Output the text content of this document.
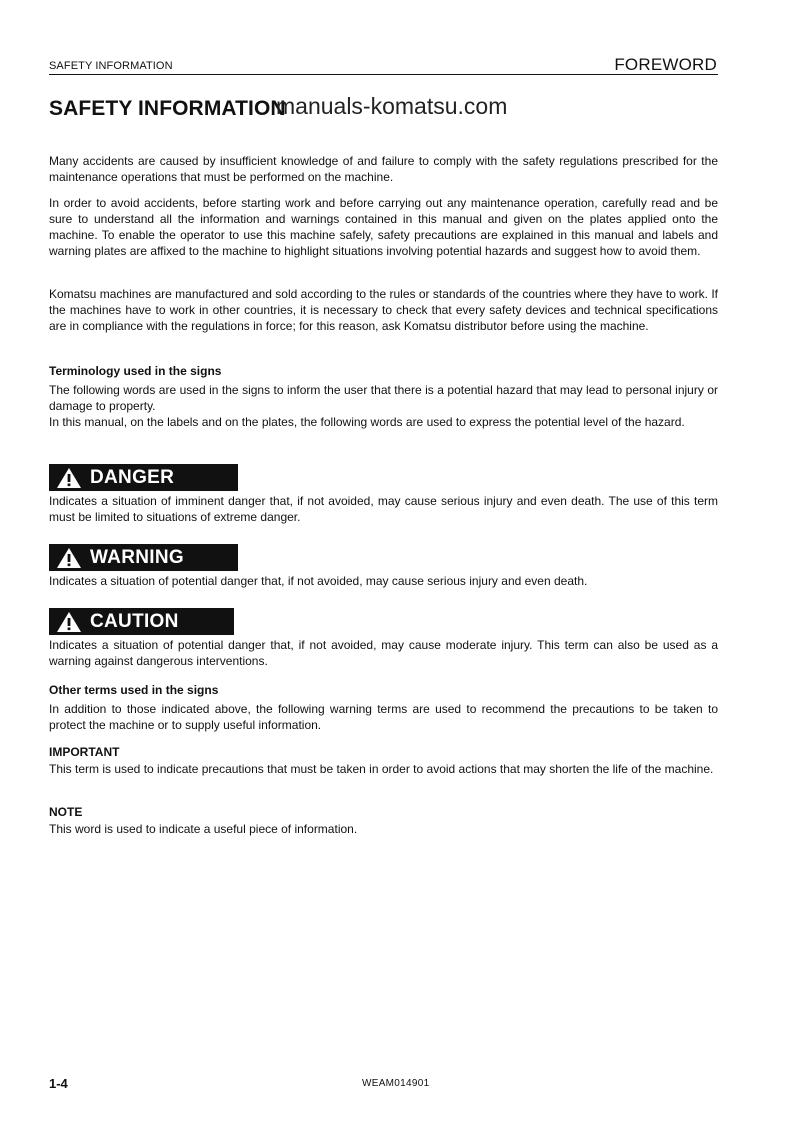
SAFETY INFORMATION	FOREWORD
SAFETY INFORMATION
manuals-komatsu.com

Many accidents are caused by insufficient knowledge of and failure to comply with the safety regulations prescribed for the maintenance operations that must be performed on the machine.

In order to avoid accidents, before starting work and before carrying out any maintenance operation, carefully read and be sure to understand all the information and warnings contained in this manual and given on the plates applied onto the machine. To enable the operator to use this machine safely, safety precautions are explained in this manual and labels and warning plates are affixed to the machine to highlight situations involving potential hazards and suggest how to avoid them.

Komatsu machines are manufactured and sold according to the rules or standards of the countries where they have to work. If the machines have to work in other countries, it is necessary to check that every safety devices and technical specifications are in compliance with the regulations in force; for this reason, ask Komatsu distributor before using the machine.

Terminology used in the signs

The following words are used in the signs to inform the user that there is a potential hazard that may lead to personal injury or damage to property.

In this manual, on the labels and on the plates, the following words are used to express the potential level of the hazard.

DANGER

Indicates a situation of imminent danger that, if not avoided, may cause serious injury and even death. The use of this term must be limited to situations of extreme danger.

WARNING

Indicates a situation of potential danger that, if not avoided, may cause serious injury and even death.

CAUTION

Indicates a situation of potential danger that, if not avoided, may cause moderate injury. This term can also be used as a warning against dangerous interventions.

Other terms used in the signs

In addition to those indicated above, the following warning terms are used to recommend the precautions to be taken to protect the machine or to supply useful information.

IMPORTANT

This term is used to indicate precautions that must be taken in order to avoid actions that may shorten the life of the machine.

NOTE

This word is used to indicate a useful piece of information.

1-4	WEAM014901
